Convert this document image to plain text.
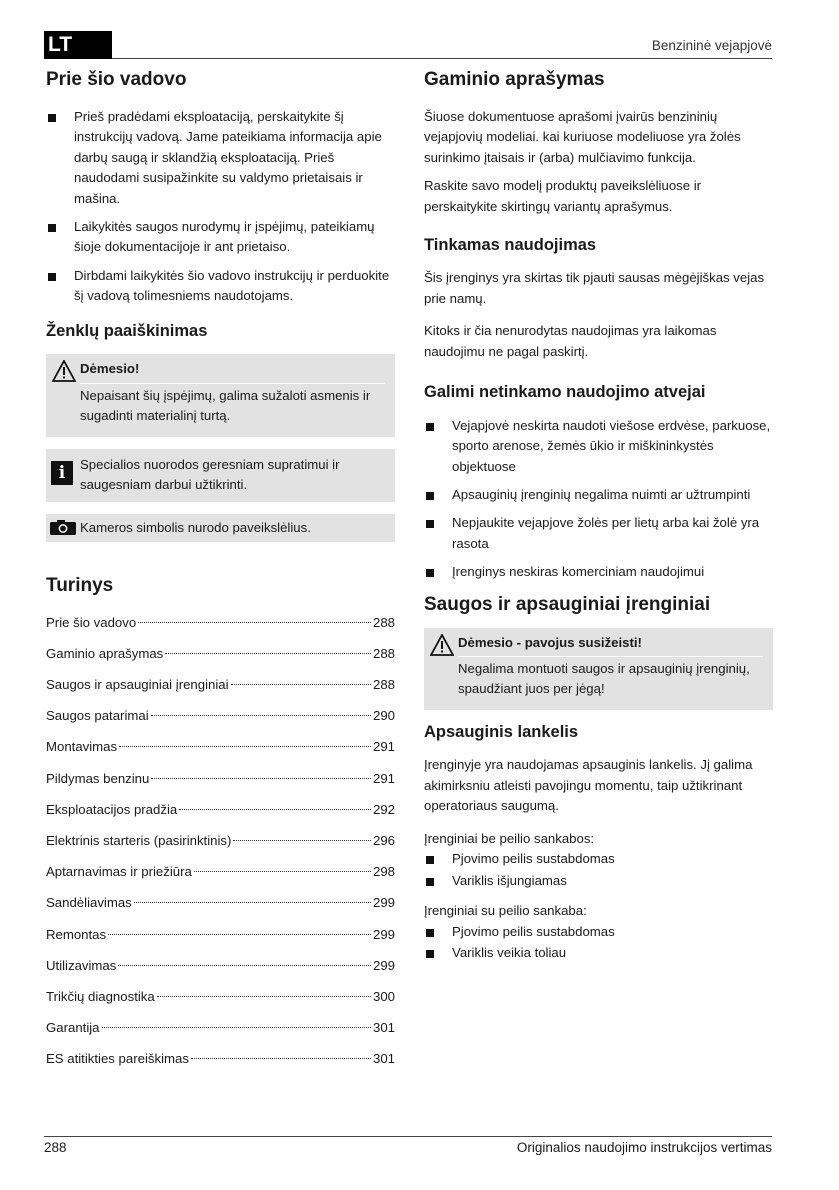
LT	Benzininė vejapjovė
Prie šio vadovo
Prieš pradėdami eksploataciją, perskaitykite šį instrukcijų vadovą. Jame pateikiama informacija apie darbų saugą ir sklandžią eksploataciją. Prieš naudodami susipažinkite su valdymo prietaisais ir mašina.
Laikykitės saugos nurodymų ir įspėjimų, pateikiamų šioje dokumentacijoje ir ant prietaiso.
Dirbdami laikykitės šio vadovo instrukcijų ir perduokite šį vadovą tolimesniems naudotojams.
Ženklų paaiškinimas

Dėmesio!

Nepaisant šių įspėjimų, galima sužaloti asmenis ir sugadinti materialinį turtą.

i	Specialios nuorodos geresniam supratimui ir saugesniam darbui užtikrinti.

Kameros simbolis nurodo paveikslėlius.

Turinys
Prie šio vadovo	288
Gaminio aprašymas	288
Saugos ir apsauginiai įrenginiai	288
Saugos patarimai	290
Montavimas	291
Pildymas benzinu	291
Eksploatacijos pradžia	292
Elektrinis starteris (pasirinktinis)	296
Aptarnavimas ir priežiūra	298
Sandėliavimas	299
Remontas	299
Utilizavimas	299
Trikčių diagnostika	300
Garantija	301
ES atitikties pareiškimas	301
Gaminio aprašymas

Šiuose dokumentuose aprašomi įvairūs benzininių vejapjovių modeliai. kai kuriuose modeliuose yra žolės surinkimo įtaisais ir (arba) mulčiavimo funkcija.

Raskite savo modelį produktų paveikslėliuose ir perskaitykite skirtingų variantų aprašymus.

Tinkamas naudojimas

Šis įrenginys yra skirtas tik pjauti sausas mėgėjiškas vejas prie namų.

Kitoks ir čia nenurodytas naudojimas yra laikomas naudojimu ne pagal paskirtį.

Galimi netinkamo naudojimo atvejai
Vejapjovė neskirta naudoti viešose erdvėse, parkuose, sporto arenose, žemės ūkio ir miškininkystės objektuose
Apsauginių įrenginių negalima nuimti ar užtrumpinti
Nepjaukite vejapjove žolės per lietų arba kai žolė yra rasota
Įrenginys neskiras komerciniam naudojimui
Saugos ir apsauginiai įrenginiai

Dėmesio - pavojus susižeisti!

Negalima montuoti saugos ir apsauginių įrenginių, spaudžiant juos per jėgą!

Apsauginis lankelis

Įrenginyje yra naudojamas apsauginis lankelis. Jį galima akimirksniu atleisti pavojingu momentu, taip užtikrinant operatoriaus saugumą.

Įrenginiai be peilio sankabos:

Pjovimo peilis sustabdomas
Variklis išjungiamas

Įrenginiai su peilio sankaba:

Pjovimo peilis sustabdomas
Variklis veikia toliau
288	Originalios naudojimo instrukcijos vertimas
